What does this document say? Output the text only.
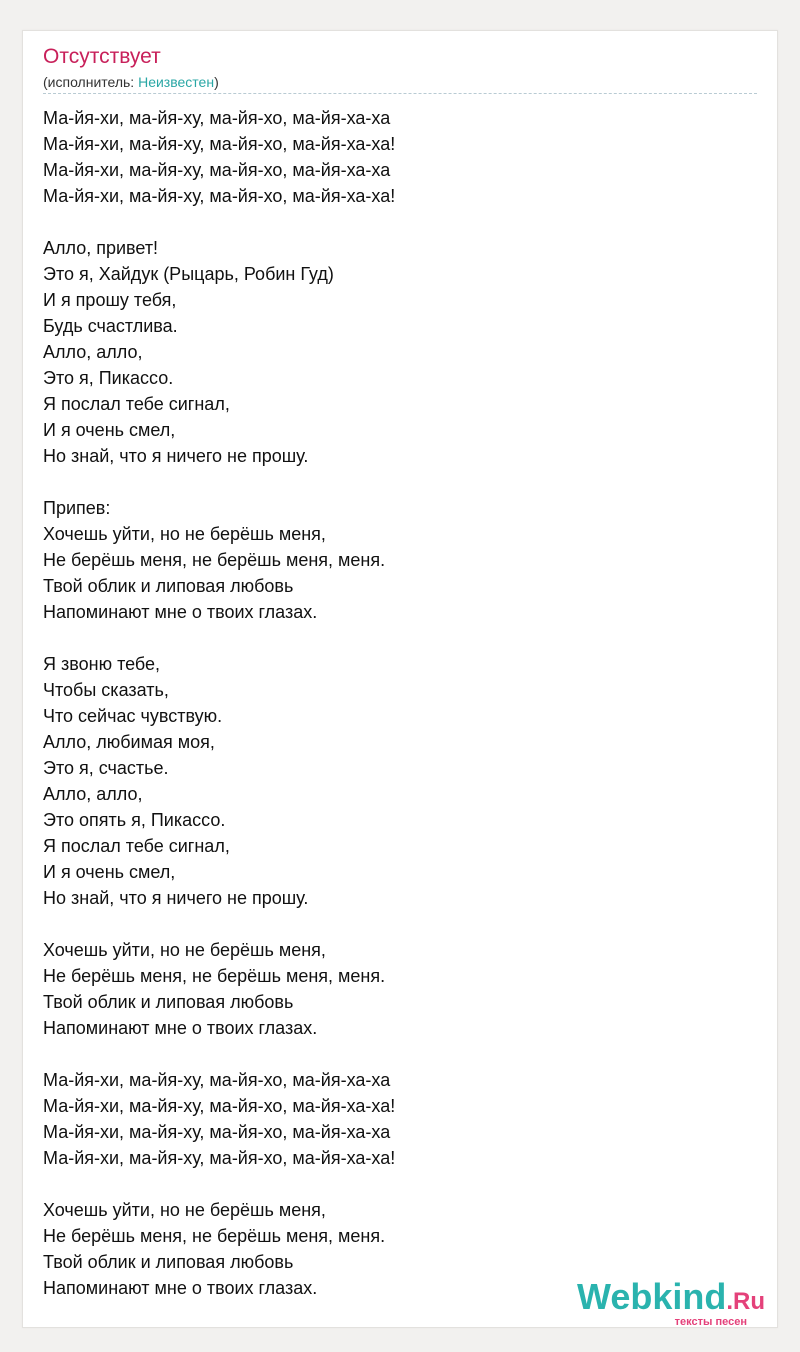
Отсутствует
(исполнитель: Неизвестен)
Ма-йя-хи, ма-йя-ху, ма-йя-хо, ма-йя-ха-ха
Ма-йя-хи, ма-йя-ху, ма-йя-хо, ма-йя-ха-ха!
Ма-йя-хи, ма-йя-ху, ма-йя-хо, ма-йя-ха-ха
Ма-йя-хи, ма-йя-ху, ма-йя-хо, ма-йя-ха-ха!
Алло, привет!
Это я, Хайдук (Рыцарь, Робин Гуд)
И я прошу тебя,
Будь счастлива.
Алло, алло,
Это я, Пикассо.
Я послал тебе сигнал,
И я очень смел,
Но знай, что я ничего не прошу.
Припев:
Хочешь уйти, но не берёшь меня,
Не берёшь меня, не берёшь меня, меня.
Твой облик и липовая любовь
Напоминают мне о твоих глазах.
Я звоню тебе,
Чтобы сказать,
Что сейчас чувствую.
Алло, любимая моя,
Это я, счастье.
Алло, алло,
Это опять я, Пикассо.
Я послал тебе сигнал,
И я очень смел,
Но знай, что я ничего не прошу.
Хочешь уйти, но не берёшь меня,
Не берёшь меня, не берёшь меня, меня.
Твой облик и липовая любовь
Напоминают мне о твоих глазах.
Ма-йя-хи, ма-йя-ху, ма-йя-хо, ма-йя-ха-ха
Ма-йя-хи, ма-йя-ху, ма-йя-хо, ма-йя-ха-ха!
Ма-йя-хи, ма-йя-ху, ма-йя-хо, ма-йя-ха-ха
Ма-йя-хи, ма-йя-ху, ма-йя-хо, ма-йя-ха-ха!
Хочешь уйти, но не берёшь меня,
Не берёшь меня, не берёшь меня, меня.
Твой облик и липовая любовь
Напоминают мне о твоих глазах.	Webkind.Ru
тексты песен
